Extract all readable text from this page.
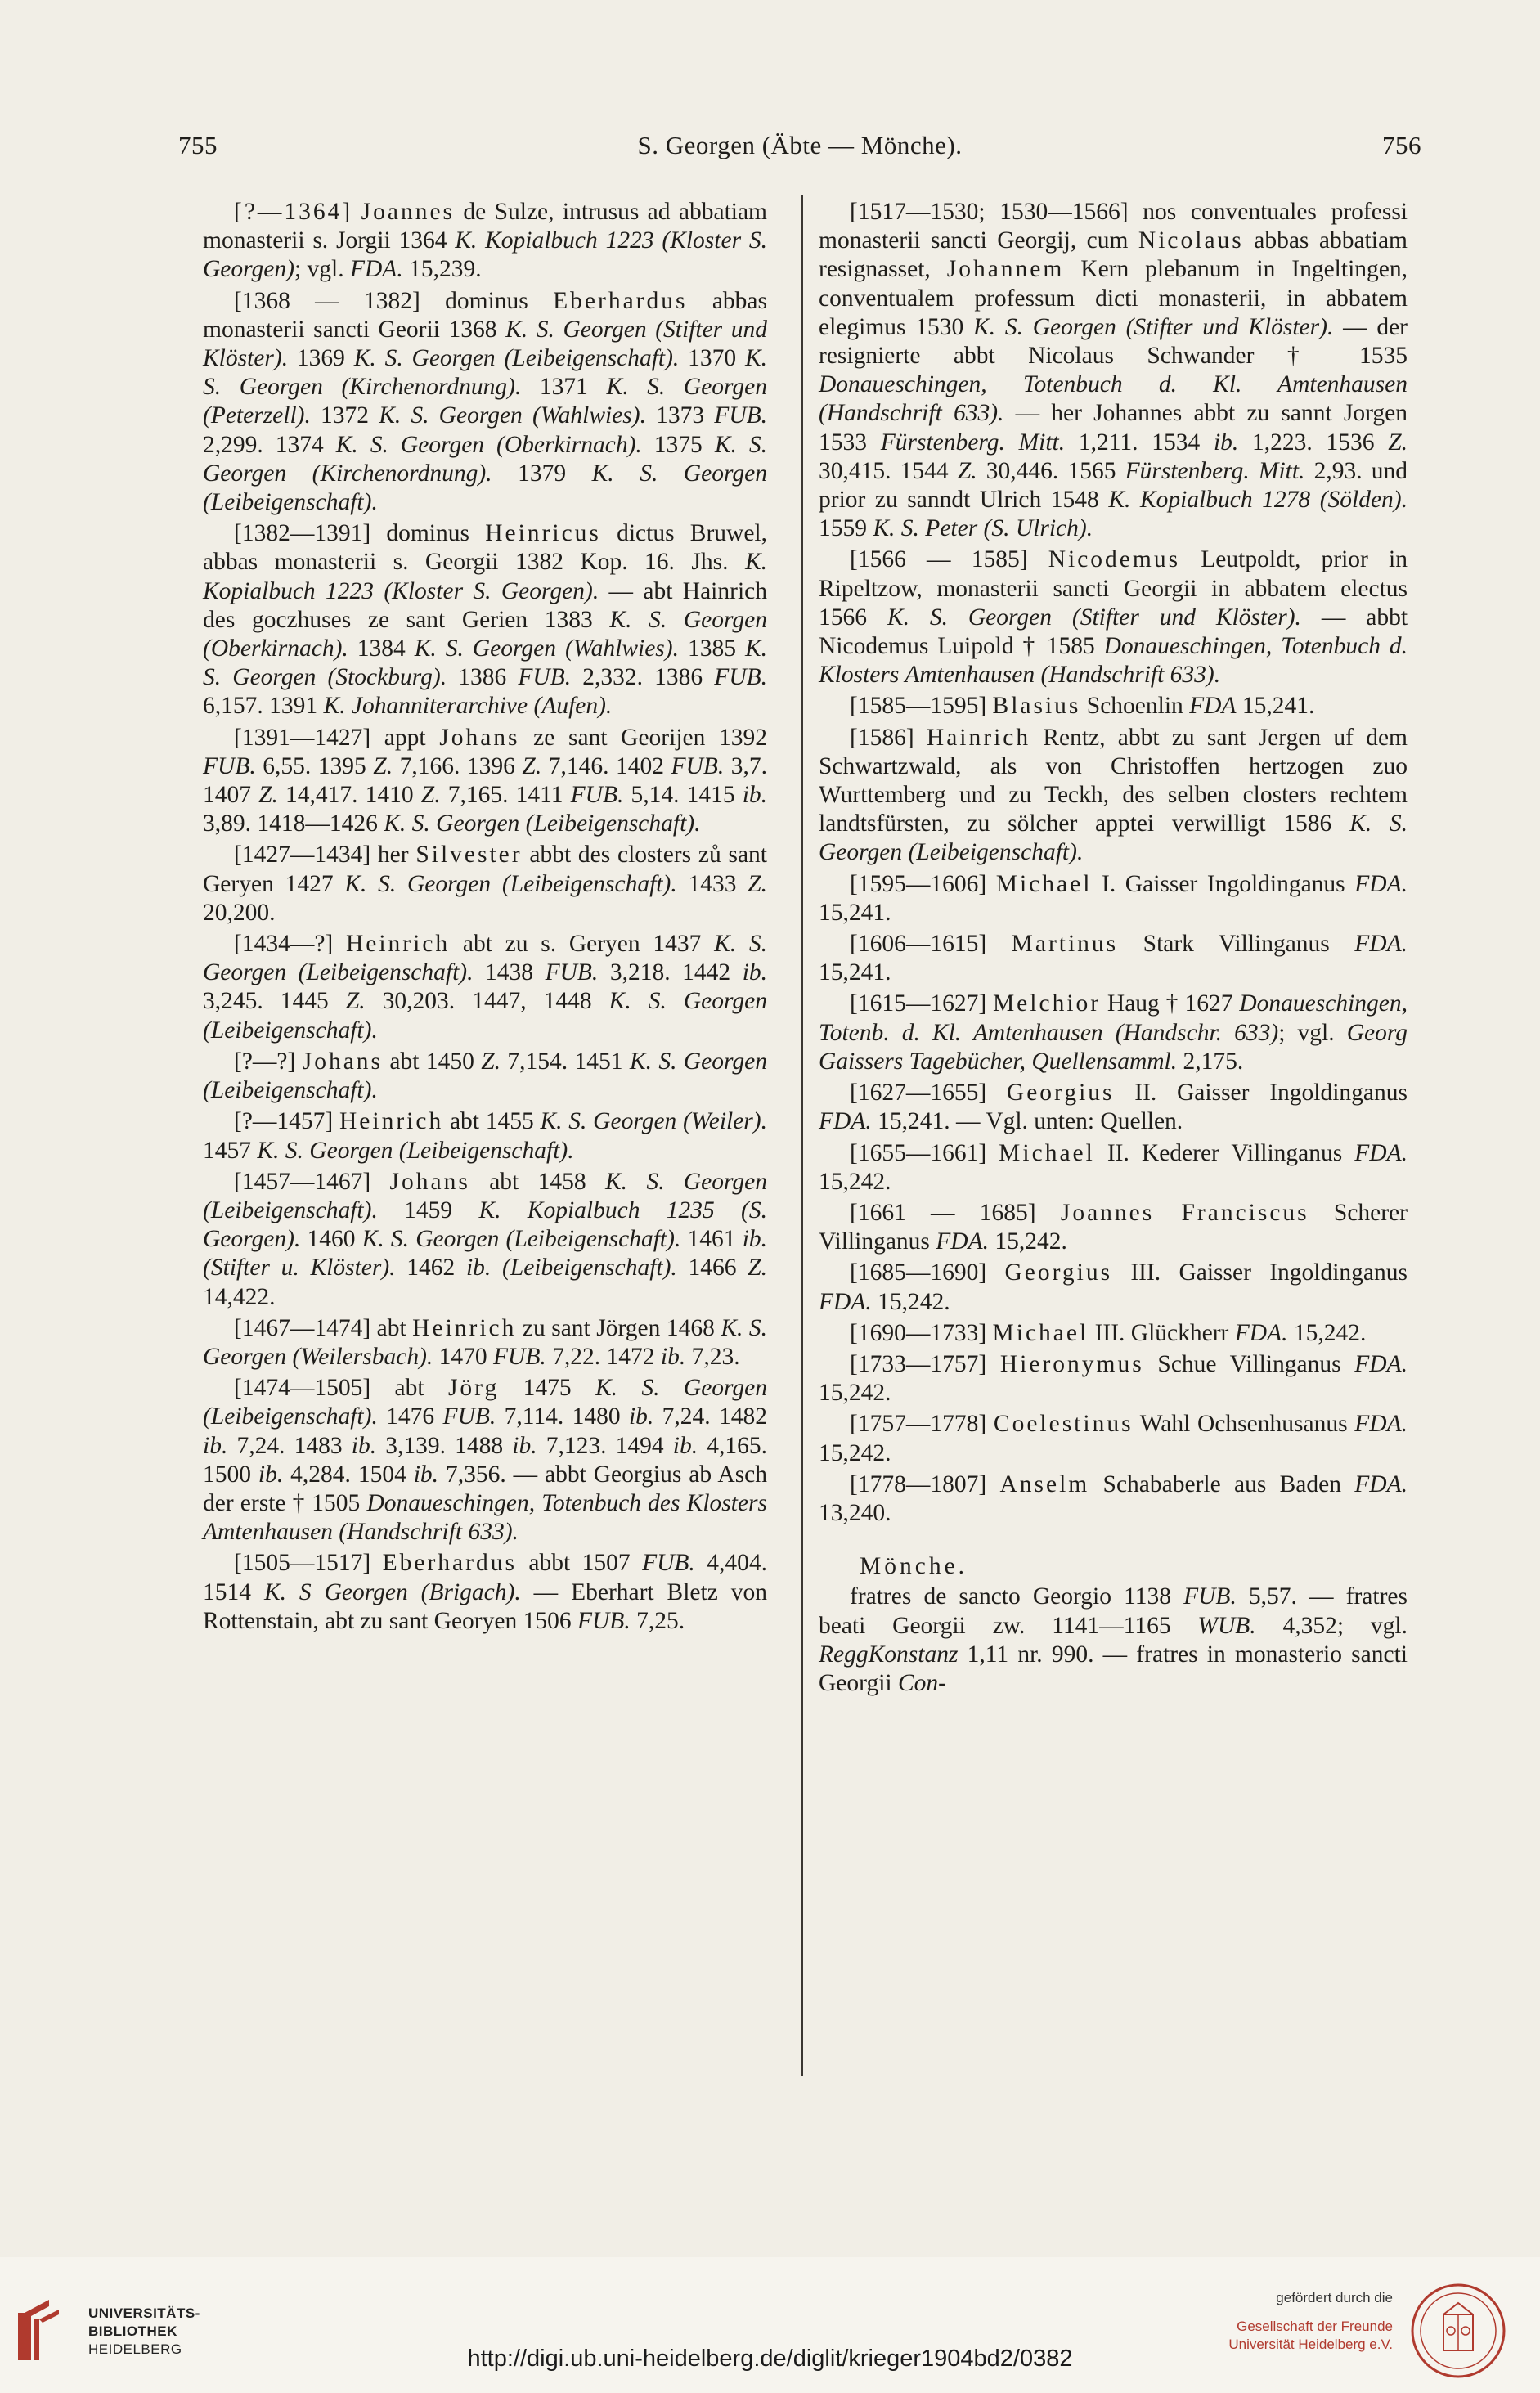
755	S. Georgen (Äbte — Mönche).	756
[?—1364] Joannes de Sulze, intrusus ad abbatiam monasterii s. Jorgii 1364 K. Kopialbuch 1223 (Kloster S. Georgen); vgl. FDA. 15,239.
[1368 — 1382] dominus Eberhardus abbas monasterii sancti Georii 1368 K. S. Georgen (Stifter und Klöster). 1369 K. S. Georgen (Leibeigenschaft). 1370 K. S. Georgen (Kirchenordnung). 1371 K. S. Georgen (Peterzell). 1372 K. S. Georgen (Wahlwies). 1373 FUB. 2,299. 1374 K. S. Georgen (Oberkirnach). 1375 K. S. Georgen (Kirchenordnung). 1379 K. S. Georgen (Leibeigenschaft).
[1382—1391] dominus Heinricus dictus Bruwel, abbas monasterii s. Georgii 1382 Kop. 16. Jhs. K. Kopialbuch 1223 (Kloster S. Georgen). — abt Hainrich des goczhuses ze sant Gerien 1383 K. S. Georgen (Oberkirnach). 1384 K. S. Georgen (Wahlwies). 1385 K. S. Georgen (Stockburg). 1386 FUB. 2,332. 1386 FUB. 6,157. 1391 K. Johanniterarchive (Aufen).
[1391—1427] appt Johans ze sant Georijen 1392 FUB. 6,55. 1395 Z. 7,166. 1396 Z. 7,146. 1402 FUB. 3,7. 1407 Z. 14,417. 1410 Z. 7,165. 1411 FUB. 5,14. 1415 ib. 3,89. 1418—1426 K. S. Georgen (Leibeigenschaft).
[1427—1434] her Silvester abbt des closters zů sant Geryen 1427 K. S. Georgen (Leibeigenschaft). 1433 Z. 20,200.
[1434—?] Heinrich abt zu s. Geryen 1437 K. S. Georgen (Leibeigenschaft). 1438 FUB. 3,218. 1442 ib. 3,245. 1445 Z. 30,203. 1447, 1448 K. S. Georgen (Leibeigenschaft).
[?—?] Johans abt 1450 Z. 7,154. 1451 K. S. Georgen (Leibeigenschaft).
[?—1457] Heinrich abt 1455 K. S. Georgen (Weiler). 1457 K. S. Georgen (Leibeigenschaft).
[1457—1467] Johans abt 1458 K. S. Georgen (Leibeigenschaft). 1459 K. Kopialbuch 1235 (S. Georgen). 1460 K. S. Georgen (Leibeigenschaft). 1461 ib. (Stifter u. Klöster). 1462 ib. (Leibeigenschaft). 1466 Z. 14,422.
[1467—1474] abt Heinrich zu sant Jörgen 1468 K. S. Georgen (Weilersbach). 1470 FUB. 7,22. 1472 ib. 7,23.
[1474—1505] abt Jörg 1475 K. S. Georgen (Leibeigenschaft). 1476 FUB. 7,114. 1480 ib. 7,24. 1482 ib. 7,24. 1483 ib. 3,139. 1488 ib. 7,123. 1494 ib. 4,165. 1500 ib. 4,284. 1504 ib. 7,356. — abbt Georgius ab Asch der erste † 1505 Donaueschingen, Totenbuch des Klosters Amtenhausen (Handschrift 633).
[1505—1517] Eberhardus abbt 1507 FUB. 4,404. 1514 K. S Georgen (Brigach). — Eberhart Bletz von Rottenstain, abt zu sant Georyen 1506 FUB. 7,25.
[1517—1530; 1530—1566] nos conventuales professi monasterii sancti Georgij, cum Nicolaus abbas abbatiam resignasset, Johannem Kern plebanum in Ingeltingen, conventualem professum dicti monasterii, in abbatem elegimus 1530 K. S. Georgen (Stifter und Klöster). — der resignierte abbt Nicolaus Schwander † 1535 Donaueschingen, Totenbuch d. Kl. Amtenhausen (Handschrift 633). — her Johannes abbt zu sannt Jorgen 1533 Fürstenberg. Mitt. 1,211. 1534 ib. 1,223. 1536 Z. 30,415. 1544 Z. 30,446. 1565 Fürstenberg. Mitt. 2,93. und prior zu sanndt Ulrich 1548 K. Kopialbuch 1278 (Sölden). 1559 K. S. Peter (S. Ulrich).
[1566 — 1585] Nicodemus Leutpoldt, prior in Ripeltzow, monasterii sancti Georgii in abbatem electus 1566 K. S. Georgen (Stifter und Klöster). — abbt Nicodemus Luipold † 1585 Donaueschingen, Totenbuch d. Klosters Amtenhausen (Handschrift 633).
[1585—1595] Blasius Schoenlin FDA 15,241.
[1586] Hainrich Rentz, abbt zu sant Jergen uf dem Schwartzwald, als von Christoffen hertzogen zuo Wurttemberg und zu Teckh, des selben closters rechtem landtsfürsten, zu sölcher apptei verwilligt 1586 K. S. Georgen (Leibeigenschaft).
[1595—1606] Michael I. Gaisser Ingoldinganus FDA. 15,241.
[1606—1615] Martinus Stark Villinganus FDA. 15,241.
[1615—1627] Melchior Haug † 1627 Donaueschingen, Totenb. d. Kl. Amtenhausen (Handschr. 633); vgl. Georg Gaissers Tagebücher, Quellensamml. 2,175.
[1627—1655] Georgius II. Gaisser Ingoldinganus FDA. 15,241. — Vgl. unten: Quellen.
[1655—1661] Michael II. Kederer Villinganus FDA. 15,242.
[1661 — 1685] Joannes Franciscus Scherer Villinganus FDA. 15,242.
[1685—1690] Georgius III. Gaisser Ingoldinganus FDA. 15,242.
[1690—1733] Michael III. Glückherr FDA. 15,242.
[1733—1757] Hieronymus Schue Villinganus FDA. 15,242.
[1757—1778] Coelestinus Wahl Ochsenhusanus FDA. 15,242.
[1778—1807] Anselm Schababerle aus Baden FDA. 13,240.
Mönche.
fratres de sancto Georgio 1138 FUB. 5,57. — fratres beati Georgii zw. 1141—1165 WUB. 4,352; vgl. ReggKonstanz 1,11 nr. 990. — fratres in monasterio sancti Georgii Con-
UNIVERSITÄTS-
BIBLIOTHEK
HEIDELBERG	http://digi.ub.uni-heidelberg.de/diglit/krieger1904bd2/0382
gefördert durch die
Gesellschaft der Freunde
Universität Heidelberg e.V.
